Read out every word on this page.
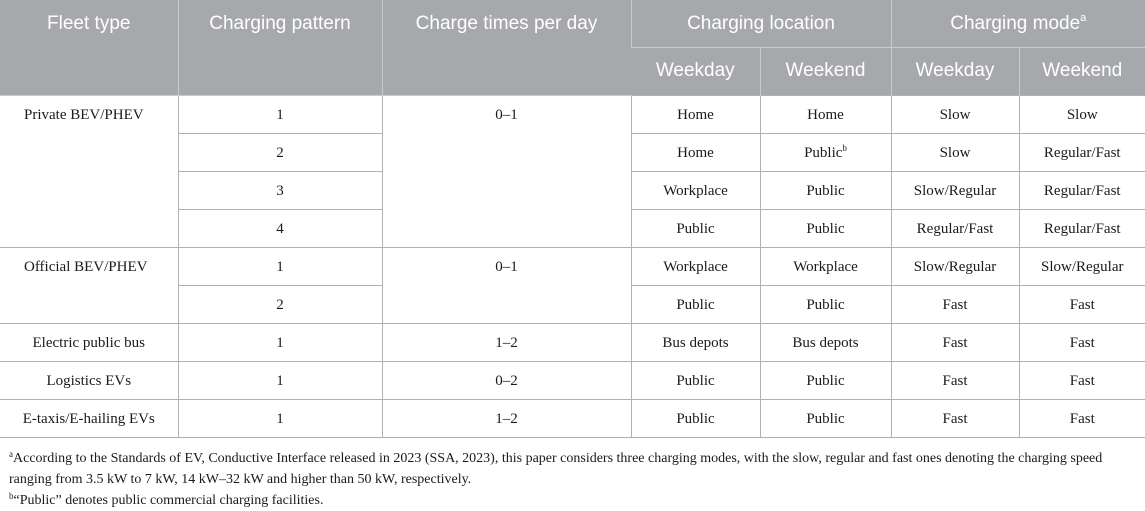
Fleet type	Charging pattern	Charge times per day	Charging location		Charging mode$^a$
			Weekday	Weekend	Weekday	Weekend
Private BEV/PHEV	1	0–1	Home	Home	Slow	Slow
	2		Home	Public$^b$	Slow	Regular/Fast
	3		Workplace	Public	Slow/Regular	Regular/Fast
	4		Public	Public	Regular/Fast	Regular/Fast
Official BEV/PHEV	1	0–1	Workplace	Workplace	Slow/Regular	Slow/Regular
	2		Public	Public	Fast	Fast
Electric public bus	1	1–2	Bus depots	Bus depots	Fast	Fast
Logistics EVs	1	0–2	Public	Public	Fast	Fast
E-taxis/E-hailing EVs	1	1–2	Public	Public	Fast	Fast

$^a$According to the Standards of EV, Conductive Interface released in 2023 (SSA, 2023), this paper considers three charging modes, with the slow, regular and fast ones denoting the charging speed ranging from 3.5 kW to 7 kW, 14 kW–32 kW and higher than 50 kW, respectively.

$^b$“Public” denotes public commercial charging facilities.
